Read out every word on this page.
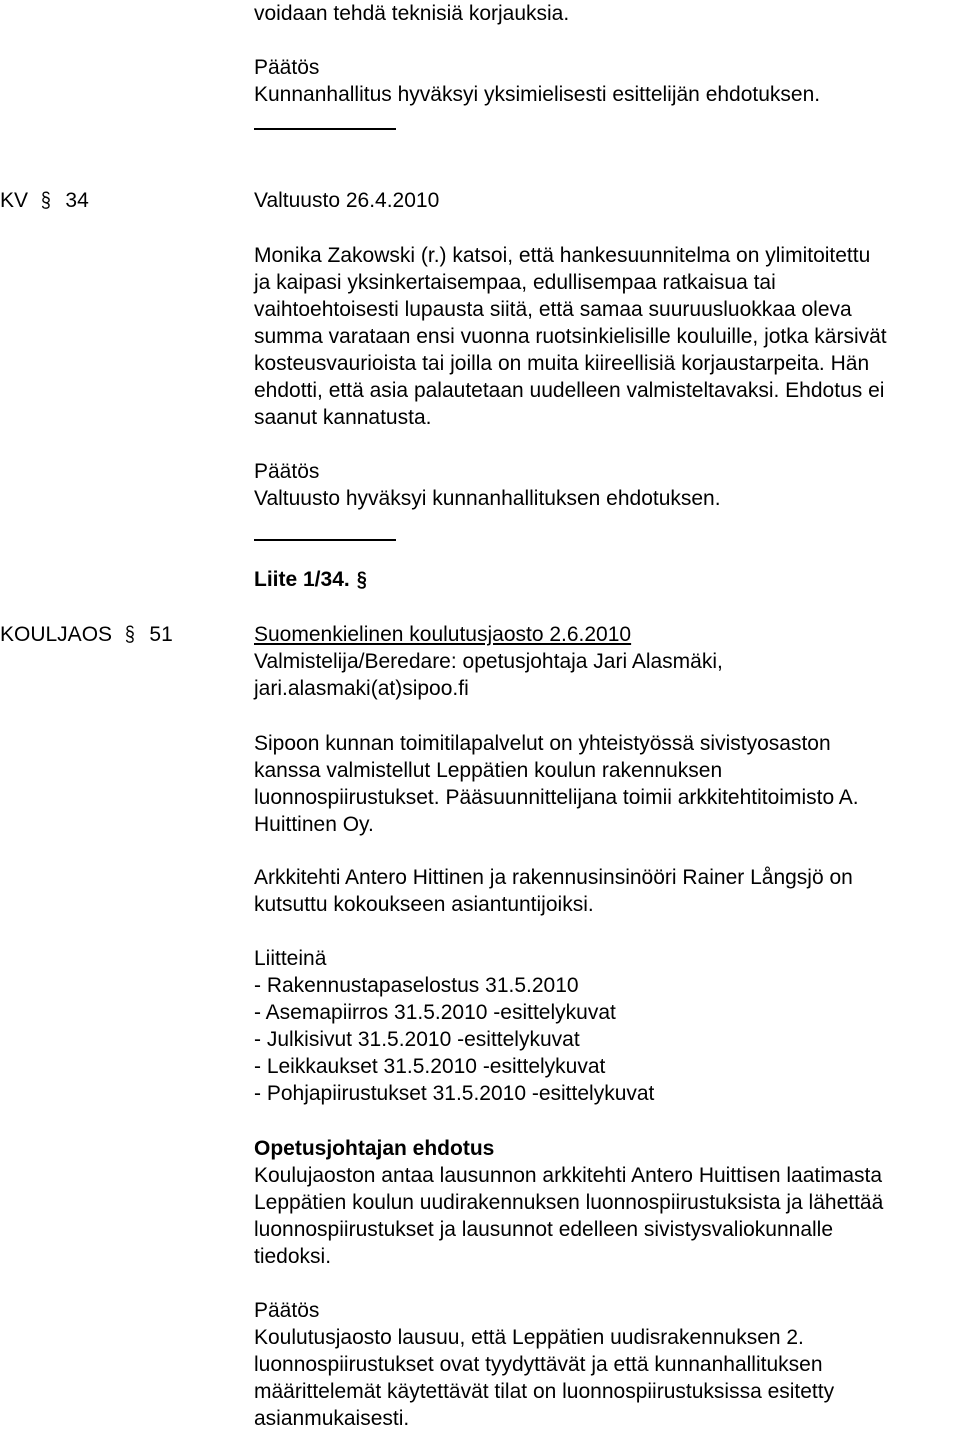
voidaan tehdä teknisiä korjauksia.
Päätös
Kunnanhallitus hyväksyi yksimielisesti esittelijän ehdotuksen.
KV § 34	Valtuusto 26.4.2010
Monika Zakowski (r.) katsoi, että hankesuunnitelma on ylimitoitettu
ja kaipasi yksinkertaisempaa, edullisempaa ratkaisua tai
vaihtoehtoisesti lupausta siitä, että samaa suuruusluokkaa oleva
summa varataan ensi vuonna ruotsinkielisille kouluille, jotka kärsivät
kosteusvaurioista tai joilla on muita kiireellisiä korjaustarpeita. Hän
ehdotti, että asia palautetaan uudelleen valmisteltavaksi. Ehdotus ei
saanut kannatusta.
Päätös
Valtuusto hyväksyi kunnanhallituksen ehdotuksen.
Liite 1/34. §
KOULJAOS § 51	Suomenkielinen koulutusjaosto 2.6.2010
Valmistelija/Beredare: opetusjohtaja Jari Alasmäki,
jari.alasmaki(at)sipoo.fi
Sipoon kunnan toimitilapalvelut on yhteistyössä sivistyosaston
kanssa valmistellut Leppätien koulun rakennuksen
luonnospiirustukset. Pääsuunnittelijana toimii arkkitehtitoimisto A.
Huittinen Oy.
Arkkitehti Antero Hittinen ja rakennusinsinööri Rainer Långsjö on
kutsuttu kokoukseen asiantuntijoiksi.
Liitteinä
- Rakennustapaselostus 31.5.2010
- Asemapiirros 31.5.2010 -esittelykuvat
- Julkisivut 31.5.2010 -esittelykuvat
- Leikkaukset 31.5.2010 -esittelykuvat
- Pohjapiirustukset 31.5.2010 -esittelykuvat
Opetusjohtajan ehdotus
Koulujaoston antaa lausunnon arkkitehti Antero Huittisen laatimasta
Leppätien koulun uudirakennuksen luonnospiirustuksista ja lähettää
luonnospiirustukset ja lausunnot edelleen sivistysvaliokunnalle
tiedoksi.
Päätös
Koulutusjaosto lausuu, että Leppätien uudisrakennuksen 2.
luonnospiirustukset ovat tyydyttävät ja että kunnanhallituksen
määrittelemät käytettävät tilat on luonnospiirustuksissa esitetty
asianmukaisesti.
